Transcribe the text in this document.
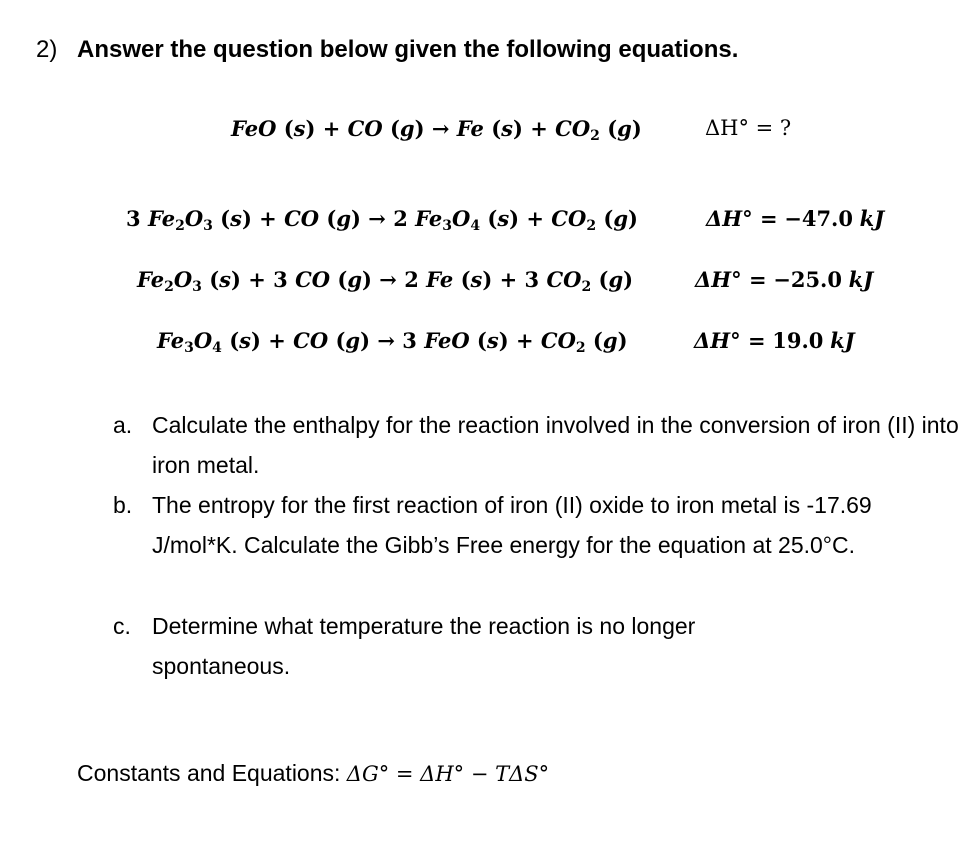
2) Answer the question below given the following equations.
FeO (s) + CO (g) → Fe $(s) + CO_2$ (g)	ΔH° = ?
3 $Fe_2O_3$ (s) + CO (g) → 2 $Fe_3O_4$ $(s) + CO_2$ (g)	ΔH° = −47.0 kJ
$Fe_2O_3$ (s) + 3 CO (g) → 2 Fe (s) + 3 $CO_2$ (g)	ΔH° = −25.0 kJ
$Fe_3O_4$ (s) + CO (g) → 3 FeO $(s) + CO_2$ (g)	ΔH° = 19.0 kJ
a. Calculate the enthalpy for the reaction involved in the conversion of iron (II) into iron metal.
b. The entropy for the first reaction of iron (II) oxide to iron metal is -17.69 J/mol*K. Calculate the Gibb’s Free energy for the equation at 25.0°C.
c. Determine what temperature the reaction is no longer spontaneous.
Constants and Equations: ΔG° = ΔH° − TΔS°
